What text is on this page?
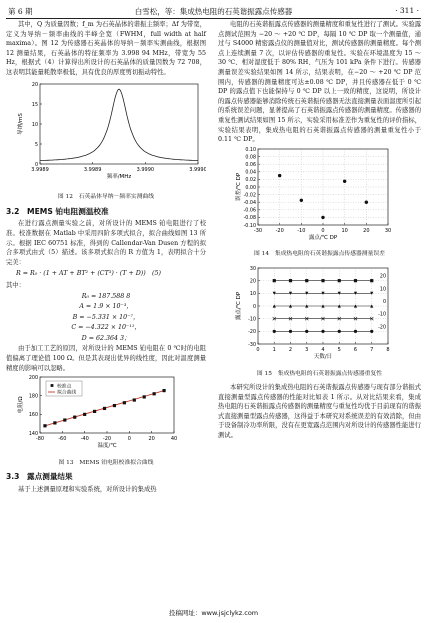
第 6 期	白雪松，等：集成热电阻的石英谐振露点传感器	· 311 ·

其中，Q 为质量因数；f_m 为石英晶体的谐振主频率；Δf 为带宽，定义为导纳－频率曲线的半峰全宽（FWHM，full width at half maxima）。图 12 为传感器石英晶体的导纳－频率实测曲线，根据图 12 测量结果，石英晶体的特征频率为 3.998 94 MHz，带宽为 55 Hz，根据式（4）计算得出所设计的石英晶体的质量因数为 72 708，这表明其能量耗散率极低，具有优良的厚度剪切振动特性。

3.9989	3.9989	3.9990	3.9990
0
5
10
15
20
频率/MHz
导纳/mS
图 12　石英晶体导纳－频率实测曲线
3.2　MEMS 铂电阻测温校准

在进行露点测量实验之前，对所设计的 MEMS 铂电阻进行了校准。校准数据在 Matlab 中采用四阶多项式拟合，拟合曲线如图 13 所示。根据 IEC 60751 标准，得到的 Callendar-Van Dusen 方程的拟合多项式由式（5）描述。该多项式拟合的 R 方值为 1，表明拟合十分完美：

R = R₀ · (1 + AT + BT² + (CT³) · (T + D))　(5)
其中：
R₀ = 187.588 8
A = 1.9 × 10⁻³，
B = −5.331 × 10⁻⁷，
C = −4.322 × 10⁻¹¹，
D = 62.364 3；

由于加工工艺的原因，对所设计的 MEMS 铂电阻在 0 ℃时的电阻值偏离了理论值 100 Ω。但是其表现出优异的线性度，因此对温度测量精度的影响可以忽略。

-80	-60	-40	-20	0	20	40
140
160
180
200
温度/℃
电阻/Ω
校准点
拟合曲线
图 13　MEMS 铂电阻校准拟合曲线
3.3　露点测量结果

基于上述测量原理和实验系统，对所设计的集成热

电阻的石英谐振露点传感器的测量精度和重复性进行了测试。实验露点测试范围为 −20 ～ +20 ℃ DP，每隔 10 ℃ DP 取一个测量值，通过与 S4000 精密露点仪的测量值对比，测试传感器的测量精度。每个测点上连续测量 7 次，以评估传感器的重复性。实验在环境温度为 15 ～ 30 ℃、相对湿度低于 80% RH、气压为 101 kPa 条件下进行。传感器测量误差实验结果如图 14 所示，结果表明，在−20 ～ +20 ℃ DP 范围内，传感器的测量精度可达±0.08 ℃ DP，并且传感器在低于 0 ℃ DP 的露点值下也能保持与 0 ℃ DP 以上一致的精度，这说明，所设计的露点传感器能够消除传统石英谐振传感器无法直接测量表面温度所引起的系统误差问题，显著提高了石英谐振露点传感器的测量精度。传感器的重复性测试结果如图 15 所示，实验采用标准差作为重复性的评价指标，实验结果表明，集成热电阻的石英谐振露点传感器的测量重复性小于 0.11 ℃ DP。

-30	-20	-10	0	10	20	30
-0.10
-0.08
-0.06
-0.04
-0.02
0.00
0.02
0.04
0.06
0.08
0.10
露点/℃ DP
误差/℃ DP
图 14　集成热电阻的石英谐振露点传感器测量误差
0	1	2	3	4	5	6	7	8
-30
-20
-10
0
10
20
30
天数/日
露点/℃ DP
20
10
0
-10
-20
图 15　集成热电阻的石英谐振露点传感器重复性

本研究所设计的集成热电阻的石英谐振露点传感器与现有部分谐振式直接测量型露点传感器的性能对比如表 1 所示。从对比结果来看，集成热电阻的石英谐振露点传感器的测量精度与重复性均优于目前现有的谐振式直接测量型露点传感器，这得益于本研究对系统误差的有效消除，但由于设备制冷功率所限，没有在更宽露点范围内对所设计的传感器性能进行测试。

投稿网址：www.jsjclykz.com
